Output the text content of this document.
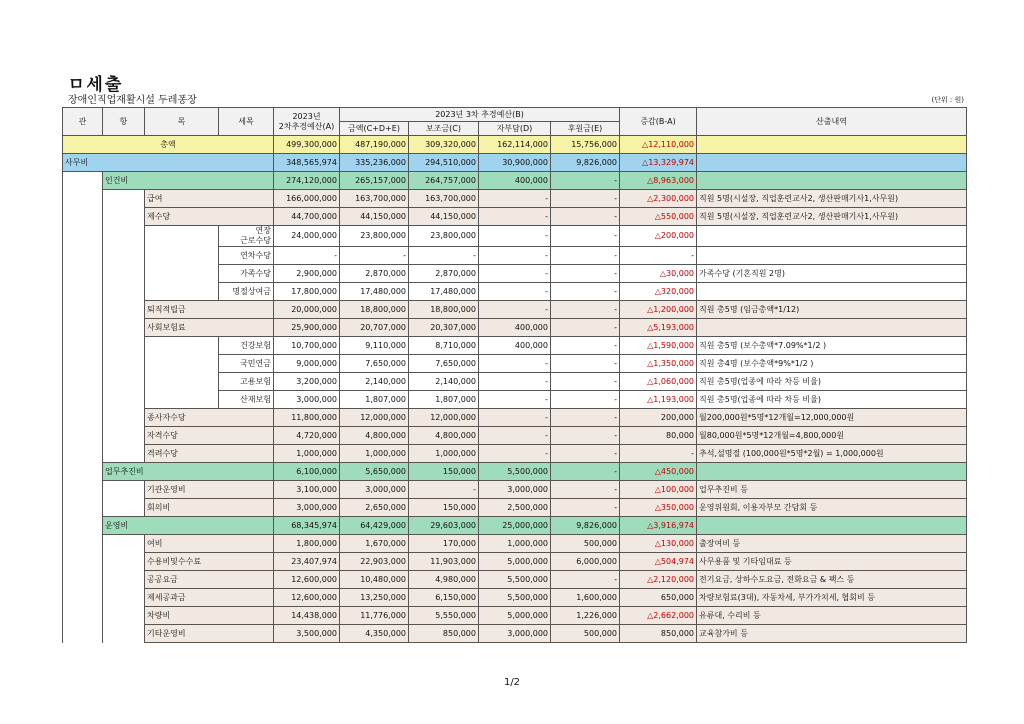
ㅁ세출
장애인직업재활시설 두레퐁장	(단위 : 원)
관	항	목	세목	2023년
2차추경예산(A)	2023년 3차 추경예산(B)				증감(B-A)	산출내역
					금액(C+D+E)	보조금(C)	자부담(D)	후원금(E)		
총액				499,300,000	487,190,000	309,320,000	162,114,000	15,756,000	△12,110,000	
사무비				348,565,974	335,236,000	294,510,000	30,900,000	9,826,000	△13,329,974	
	인건비			274,120,000	265,157,000	264,757,000	400,000	-	△8,963,000	
		급여		166,000,000	163,700,000	163,700,000	-	-	△2,300,000	직원 5명(시설장, 직업훈련교사2, 생산판매기사1,사무원)
		제수당		44,700,000	44,150,000	44,150,000	-	-	△550,000	직원 5명(시설장, 직업훈련교사2, 생산판매기사1,사무원)

			연장
근로수당	24,000,000	23,800,000	23,800,000	-	-	△200,000	

			연차수당	-	-	-	-	-	-	

			가족수당	2,900,000	2,870,000	2,870,000	-	-	△30,000	가족수당 (기혼직원 2명)

			명절상여금	17,800,000	17,480,000	17,480,000	-	-	△320,000	
		퇴직적립금		20,000,000	18,800,000	18,800,000	-	-	△1,200,000	직원 총5명 (임금총액*1/12)
		사회보험료		25,900,000	20,707,000	20,307,000	400,000	-	△5,193,000	

			건강보험	10,700,000	9,110,000	8,710,000	400,000	-	△1,590,000	직원 총5명 (보수총액*7.09%*1/2 )

			국민연금	9,000,000	7,650,000	7,650,000	-	-	△1,350,000	직원 총4명 (보수총액*9%*1/2 )

			고용보험	3,200,000	2,140,000	2,140,000	-	-	△1,060,000	직원 총5명(업종에 따라 차등 비율)

			산재보험	3,000,000	1,807,000	1,807,000	-	-	△1,193,000	직원 총5명(업종에 따라 차등 비율)
		종사자수당		11,800,000	12,000,000	12,000,000	-	-	200,000	월200,000원*5명*12개월=12,000,000원
		자격수당		4,720,000	4,800,000	4,800,000	-	-	80,000	월80,000원*5명*12개월=4,800,000원
		격려수당		1,000,000	1,000,000	1,000,000	-	-	-	추석,설명절 (100,000원*5명*2월) = 1,000,000원
	업무추진비			6,100,000	5,650,000	150,000	5,500,000	-	△450,000	
		기관운영비		3,100,000	3,000,000	-	3,000,000	-	△100,000	업무추진비 등
		회의비		3,000,000	2,650,000	150,000	2,500,000	-	△350,000	운영위원회, 이용자부모 간담회 등
	운영비			68,345,974	64,429,000	29,603,000	25,000,000	9,826,000	△3,916,974	
		여비		1,800,000	1,670,000	170,000	1,000,000	500,000	△130,000	출장여비 등
		수용비및수수료		23,407,974	22,903,000	11,903,000	5,000,000	6,000,000	△504,974	사무용품 및 기타임대료 등
		공공요금		12,600,000	10,480,000	4,980,000	5,500,000	-	△2,120,000	전기요금, 상하수도요금, 전화요금 & 팩스 등
		제세공과금		12,600,000	13,250,000	6,150,000	5,500,000	1,600,000	650,000	차량보험료(3대), 자동차세, 부가가치세, 협회비 등
		차량비		14,438,000	11,776,000	5,550,000	5,000,000	1,226,000	△2,662,000	유류대, 수리비 등
		기타운영비		3,500,000	4,350,000	850,000	3,000,000	500,000	850,000	교육참가비 등
1/2
